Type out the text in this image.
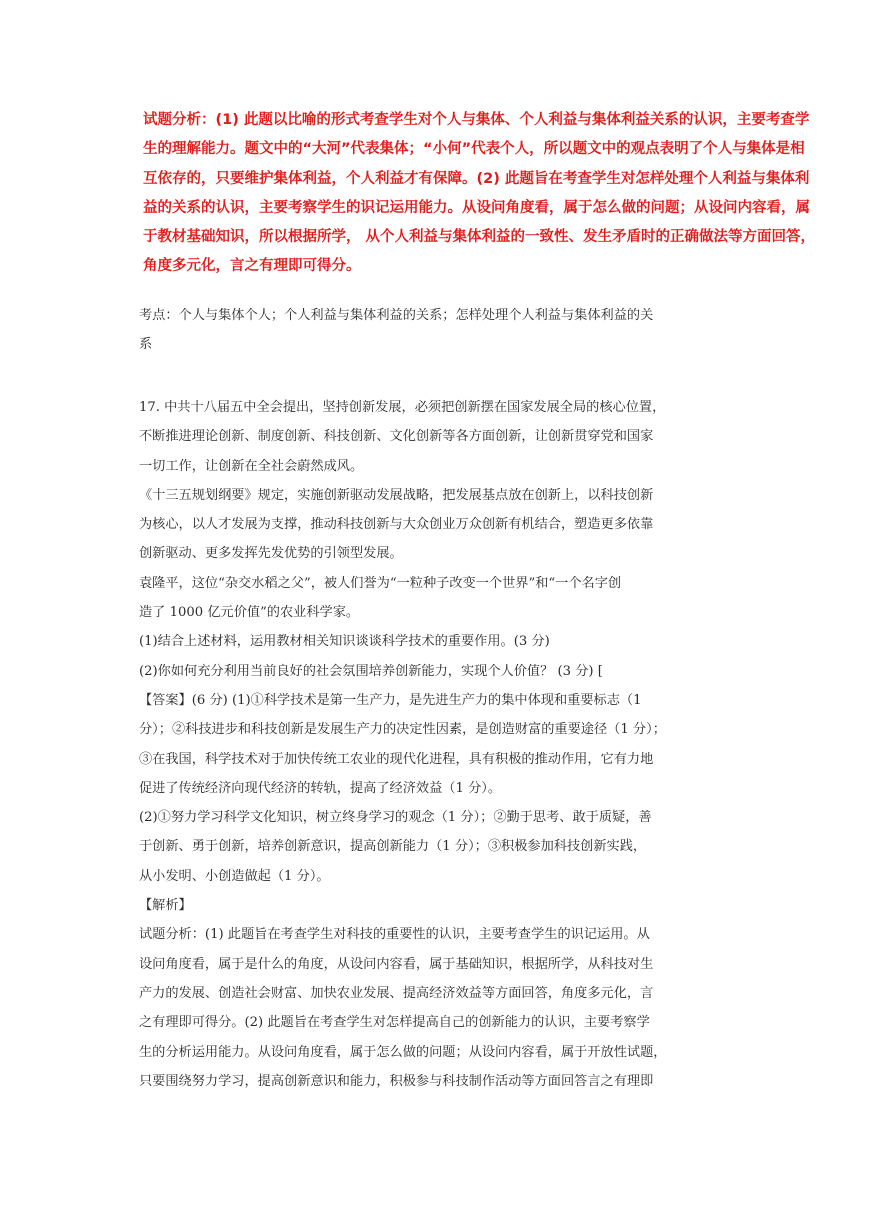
试题分析：(1) 此题以比喻的形式考查学生对个人与集体、个人利益与集体利益关系的认识，主要考查学

生的理解能力。题文中的“大河”代表集体；“小何”代表个人，所以题文中的观点表明了个人与集体是相

互依存的，只要维护集体利益，个人利益才有保障。(2) 此题旨在考查学生对怎样处理个人利益与集体利

益的关系的认识，主要考察学生的识记运用能力。从设问角度看，属于怎么做的问题；从设问内容看，属

于教材基础知识，所以根据所学， 从个人利益与集体利益的一致性、发生矛盾时的正确做法等方面回答，

角度多元化，言之有理即可得分。

考点：个人与集体个人；个人利益与集体利益的关系；怎样处理个人利益与集体利益的关

系

17. 中共十八届五中全会提出，坚持创新发展，必须把创新摆在国家发展全局的核心位置，

不断推进理论创新、制度创新、科技创新、文化创新等各方面创新，让创新贯穿党和国家

一切工作，让创新在全社会蔚然成风。

《十三五规划纲要》规定，实施创新驱动发展战略，把发展基点放在创新上，以科技创新

为核心，以人才发展为支撑，推动科技创新与大众创业万众创新有机结合，塑造更多依靠

创新驱动、更多发挥先发优势的引领型发展。

袁隆平，这位“杂交水稻之父”，被人们誉为“一粒种子改变一个世界”和“一个名字创

造了 1000 亿元价值”的农业科学家。

(1)结合上述材料，运用教材相关知识谈谈科学技术的重要作用。(3 分)

(2)你如何充分利用当前良好的社会氛围培养创新能力，实现个人价值？ (3 分) [

【答案】(6 分) (1)①科学技术是第一生产力，是先进生产力的集中体现和重要标志（1

分）；②科技进步和科技创新是发展生产力的决定性因素，是创造财富的重要途径（1 分）；

③在我国，科学技术对于加快传统工农业的现代化进程，具有积极的推动作用，它有力地

促进了传统经济向现代经济的转轨，提高了经济效益（1 分）。

(2)①努力学习科学文化知识，树立终身学习的观念（1 分）；②勤于思考、敢于质疑，善

于创新、勇于创新，培养创新意识，提高创新能力（1 分）；③积极参加科技创新实践，

从小发明、小创造做起（1 分）。

【解析】

试题分析：(1) 此题旨在考查学生对科技的重要性的认识，主要考查学生的识记运用。从

设问角度看，属于是什么的角度，从设问内容看，属于基础知识，根据所学，从科技对生

产力的发展、创造社会财富、加快农业发展、提高经济效益等方面回答，角度多元化，言

之有理即可得分。(2) 此题旨在考查学生对怎样提高自己的创新能力的认识，主要考察学

生的分析运用能力。从设问角度看，属于怎么做的问题；从设问内容看，属于开放性试题，

只要围绕努力学习，提高创新意识和能力，积极参与科技制作活动等方面回答言之有理即
